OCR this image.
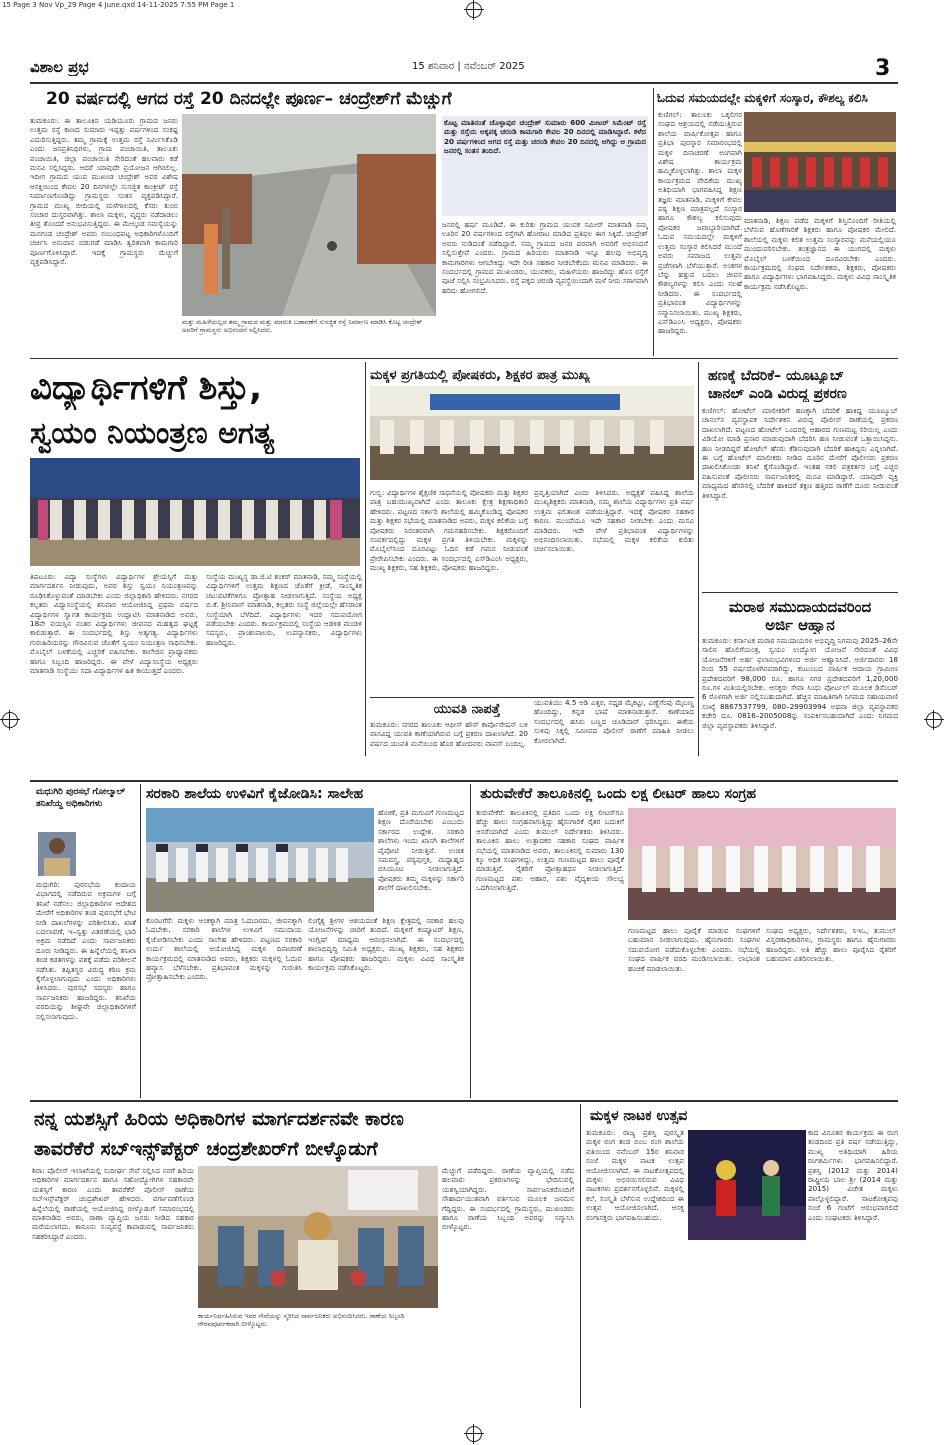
15 Page 3 Nov Vp_29 Page 4 June.qxd 14-11-2025 7:55 PM Page 1
ವಿಶಾಲ ಪ್ರಭ	15 ಶನಿವಾರ | ನವೆಂಬರ್ 2025	3
20 ವರ್ಷದಲ್ಲಿ ಆಗದ ರಸ್ತೆ 20 ದಿನದಲ್ಲೇ ಪೂರ್ಣ– ಚಂದ್ರೇಶ್‌ಗೆ ಮೆಚ್ಚುಗೆ
ತುಮಕೂರು: ಈ ತಾಲೂಕಿನ ಯಡಿಯೂರು ಗ್ರಾಮದ ಜನರು ಉತ್ತಮ ರಸ್ತೆ ಕಾಣದ ಸುಮಾರು ಇಪ್ಪತ್ತು ವರ್ಷಗಳಿಂದ ಸಂಕಷ್ಟ ಎದುರಿಸುತ್ತಿದ್ದರು. ತಮ್ಮ ಗ್ರಾಮಕ್ಕೆ ಉತ್ತಮ ರಸ್ತೆ ನಿರ್ಮಿಸಿಕೊಡಿ ಎಂದು ಜನಪ್ರತಿನಿಧಿಗಳು, ಗ್ರಾಮ ಪಂಚಾಯಿತಿ, ತಾಲೂಕು ಪಂಚಾಯಿತಿ, ಜಿಲ್ಲಾ ಪಂಚಾಯಿತಿ ಸೇರಿದಂತೆ ಹಲವಾರು ಕಡೆ ಮನವಿ ಸಲ್ಲಿಸಿದ್ದರು. ಆದರೆ ಯಾವುದೇ ಪ್ರಯೋಜನ ಆಗಿರಲಿಲ್ಲ. ಇದೀಗ ಗ್ರಾಮದ ಯುವ ಮುಖಂಡ ಚಂದ್ರೇಶ್ ಅವರ ವಿಶೇಷ ಆಸಕ್ತಿಯಿಂದ ಕೇವಲ 20 ದಿನಗಳಲ್ಲೇ ಸುಸಜ್ಜಿತ ಕಾಂಕ್ರೀಟ್ ರಸ್ತೆ ನಿರ್ಮಾಣಗೊಂಡಿದ್ದು ಗ್ರಾಮಸ್ಥರು ಸಂತಸ ವ್ಯಕ್ತಪಡಿಸಿದ್ದಾರೆ. ಗ್ರಾಮದ ಮುಖ್ಯ ಬೀದಿಯಲ್ಲಿ ಮಳೆಗಾಲದಲ್ಲಿ ಕೆಸರು ತುಂಬಿ ಸಂಚಾರ ದುಸ್ತರವಾಗಿತ್ತು. ಶಾಲಾ ಮಕ್ಕಳು, ವೃದ್ಧರು ನಡೆದಾಡಲು ತೀವ್ರ ತೊಂದರೆ ಅನುಭವಿಸುತ್ತಿದ್ದರು. ಈ ಮೇಲ್ಕಂಡ ಸಮಸ್ಯೆಯನ್ನು ಮನಗಂಡ ಚಂದ್ರೇಶ್ ಅವರು ಸಂಬಂಧಪಟ್ಟ ಅಧಿಕಾರಿಗಳೊಂದಿಗೆ ಚರ್ಚಿಸಿ ಅನುದಾನ ಬಿಡುಗಡೆ ಮಾಡಿಸಿ ತ್ವರಿತವಾಗಿ ಕಾಮಗಾರಿ ಪೂರ್ಣಗೊಳಿಸಿದ್ದಾರೆ. ಇದಕ್ಕೆ ಗ್ರಾಮಸ್ಥರು ಮೆಚ್ಚುಗೆ ವ್ಯಕ್ತಪಡಿಸಿದ್ದಾರೆ.
ಮತ್ತು ಮಹಿಳೆಯಲ್ಲದ ತಮ್ಮ ಗ್ರಾಮದ ಮತ್ತು ಮಾರುತಿ ಬಡಾವಣೆಗೆ ಸುಸಜ್ಜಿತ ರಸ್ತೆ ನಿರ್ಮಾಣ ಮಾಡಿಸಿ ಕೊಟ್ಟ ಚಂದ್ರೇಶ್ ಅವರಿಗೆ ಗ್ರಾಮಸ್ಥರು ಅಭಿನಂದನೆ ಸಲ್ಲಿಸಿದರು.
ಕೊಟ್ಟ ಮಾತಿನಂತೆ ಚೊಳ್ಳಾಪುರ ಚಂದ್ರೇಶ್ ಸುಮಾರು 600 ಮೀಟರ್ ಸಿಮೆಂಟ್ ರಸ್ತೆ ಮತ್ತು ರಸ್ತೆಯ ಅಕ್ಕಪಕ್ಕ ಚರಂಡಿ ಕಾಮಗಾರಿ ಕೇವಲ 20 ದಿನದಲ್ಲಿ ಮಾಡಿಸಿದ್ದಾರೆ. ಕಳೆದ 20 ವರ್ಷಗಳಿಂದ ಆಗದ ರಸ್ತೆ ಮತ್ತು ಚರಂಡಿ ಕೇವಲ 20 ದಿನದಲ್ಲಿ ಆಗಿದ್ದು ಆ ಗ್ರಾಮದ ಜನರಲ್ಲಿ ಸಂತಸ ತಂದಿದೆ.
ಜನರಲ್ಲಿ ಹರ್ಷ ಮೂಡಿದೆ. ಈ ಕುರಿತು ಗ್ರಾಮದ ಯುವಕ ಸಮೀರ್ ಮಾತನಾಡಿ ನಮ್ಮ ಊರಿನ 20 ವರ್ಷಗಳಿಂದ ರಸ್ತೆಗಾಗಿ ಹೋರಾಟ ಮಾಡಿದ ಪ್ರತಿಫಲ ಈಗ ಸಿಕ್ಕಿದೆ. ಚಂದ್ರೇಶ್ ಅವರು ನುಡಿದಂತೆ ನಡೆದಿದ್ದಾರೆ. ನಮ್ಮ ಗ್ರಾಮದ ಜನರ ಪರವಾಗಿ ಅವರಿಗೆ ಅಭಿನಂದನೆ ಸಲ್ಲಿಸುತ್ತೇವೆ ಎಂದರು. ಗ್ರಾಮದ ಹಿರಿಯರು ಮಾತನಾಡಿ ಇನ್ನೂ ಹಲವು ಅಭಿವೃದ್ಧಿ ಕಾಮಗಾರಿಗಳು ಆಗಬೇಕಿದ್ದು ಇದೇ ರೀತಿ ಸಹಕಾರ ನೀಡಬೇಕೆಂದು ಮನವಿ ಮಾಡಿದರು. ಈ ಸಂದರ್ಭದಲ್ಲಿ ಗ್ರಾಮದ ಮುಖಂಡರು, ಯುವಕರು, ಮಹಿಳೆಯರು ಹಾಜರಿದ್ದು ಹೊಸ ರಸ್ತೆಗೆ ಪೂಜೆ ಸಲ್ಲಿಸಿ ಸಂಭ್ರಮಿಸಿದರು. ರಸ್ತೆ ಪಕ್ಕದ ಚರಂಡಿ ವ್ಯವಸ್ಥೆಯಿಂದಾಗಿ ಮಳೆ ನೀರು ಸರಾಗವಾಗಿ ಹರಿದು ಹೋಗಲಿದೆ.
ಓದುವ ಸಮಯದಲ್ಲೇ ಮಕ್ಕಳಿಗೆ ಸಂಸ್ಕಾರ, ಕೌಶಲ್ಯ ಕಲಿಸಿ
ಕುಣಿಗಲ್: ತಾಲೂಕು ಒಕ್ಕಲಿಗರ ಸಂಘದ ಆಶ್ರಯದಲ್ಲಿ ನಡೆಯುತ್ತಿರುವ ಶಾಲೆಯ ವಾರ್ಷಿಕೋತ್ಸವ ಹಾಗೂ ಪ್ರತಿಭಾ ಪುರಸ್ಕಾರ ಸಮಾರಂಭದಲ್ಲಿ ಮಕ್ಕಳ ದಿನಾಚರಣೆ ಅಂಗವಾಗಿ ವಿಶೇಷ ಕಾರ್ಯಕ್ರಮ ಹಮ್ಮಿಕೊಳ್ಳಲಾಗಿತ್ತು. ಶಾಲಾ ಮಕ್ಕಳ ಕಾರ್ಯಕ್ರಮದ ವೇದಿಕೆಯ ಮುಖ್ಯ ಅತಿಥಿಯಾಗಿ ಭಾಗವಹಿಸಿದ್ದ ಶಿಕ್ಷಣ ತಜ್ಞರು ಮಾತನಾಡಿ, ಮಕ್ಕಳಿಗೆ ಕೇವಲ ಪಠ್ಯ ಶಿಕ್ಷಣ ಮಾತ್ರವಲ್ಲದೆ ಸಂಸ್ಕಾರ ಹಾಗೂ ಕೌಶಲ್ಯ ಕಲಿಸುವುದು ಪೋಷಕರ ಜವಾಬ್ದಾರಿಯಾಗಿದೆ. ಓದುವ ಸಮಯದಲ್ಲೇ ಮಕ್ಕಳಿಗೆ ಉತ್ತಮ ಸಂಸ್ಕಾರ ಕಲಿಸಿದರೆ ಮುಂದೆ ಅವರು ಸಮಾಜದ ಉತ್ತಮ ಪ್ರಜೆಗಳಾಗಿ ಬೆಳೆಯುತ್ತಾರೆ. ಅಂಕಗಳ ಬೆನ್ನು ಹತ್ತುವ ಬದಲು ಜೀವನ ಕೌಶಲ್ಯಗಳನ್ನು ಕಲಿಸಿ ಎಂದು ಸಲಹೆ ನೀಡಿದರು. ಈ ಸಂದರ್ಭದಲ್ಲಿ ಪ್ರತಿಭಾವಂತ ವಿದ್ಯಾರ್ಥಿಗಳನ್ನು ಸನ್ಮಾನಿಸಲಾಯಿತು. ಮುಖ್ಯ ಶಿಕ್ಷಕರು, ಎಸ್‌ಡಿಎಂಸಿ ಅಧ್ಯಕ್ಷರು, ಪೋಷಕರು ಹಾಜರಿದ್ದರು.
ಮಾತನಾಡಿ, ಶಿಕ್ಷಣ ಪಡೆದ ಮಕ್ಕಳಿಗೆ ಶಿಸ್ತಿನೊಂದಿಗೆ ರೀತಿಯಲ್ಲಿ ಬೆಳೆಸುವ ಹೊಣೆಗಾರಿಕೆ ಶಿಕ್ಷಕರು ಹಾಗೂ ಪೋಷಕರ ಮೇಲಿದೆ. ಶಾಲೆಯಲ್ಲಿ ಮಕ್ಕಳು ಕಲಿತ ಉತ್ತಮ ಸಂಸ್ಕಾರವನ್ನು ಮನೆಯಲ್ಲಿಯೂ ಮುಂದುವರಿಸಬೇಕು. ತಂತ್ರಜ್ಞಾನದ ಈ ಯುಗದಲ್ಲಿ ಮಕ್ಕಳು ಮೊಬೈಲ್ ಬಳಕೆಯಿಂದ ದೂರವಿರಬೇಕು ಎಂದರು. ಕಾರ್ಯಕ್ರಮದಲ್ಲಿ ಸಂಘದ ನಿರ್ದೇಶಕರು, ಶಿಕ್ಷಕರು, ಪೋಷಕರು ಹಾಗೂ ವಿದ್ಯಾರ್ಥಿಗಳು ಭಾಗವಹಿಸಿದ್ದರು. ಮಕ್ಕಳು ವಿವಿಧ ಸಾಂಸ್ಕೃತಿಕ ಕಾರ್ಯಕ್ರಮ ನಡೆಸಿಕೊಟ್ಟರು.
ವಿದ್ಯಾರ್ಥಿಗಳಿಗೆ ಶಿಸ್ತು,
ಸ್ವಯಂ ನಿಯಂತ್ರಣ ಅಗತ್ಯ
ತಿಪಟೂರು: ವಿದ್ಯಾ ಸಂಸ್ಥೆಗಳು ವಿದ್ಯಾರ್ಥಿಗಳ ಶ್ರೇಯಸ್ಸಿಗೆ ಮತ್ತು ಮಾರ್ಗದರ್ಶನ ನೀಡುವುದು, ಅವರ ಶಿಸ್ತು ಸ್ವಯಂ ನಿಯಂತ್ರಣವನ್ನು ರೂಢಿಸಿಕೊಳ್ಳುವಂತೆ ಮಾಡಬೇಕು ಎಂದು ಜಿಲ್ಲಾಧಿಕಾರಿ ಹೇಳಿದರು. ನಗರದ ಕಲ್ಪತರು ವಿದ್ಯಾಸಂಸ್ಥೆಯಲ್ಲಿ ಶನಿವಾರ ಆಯೋಜಿಸಿದ್ದ ಪ್ರಥಮ ವರ್ಷದ ವಿದ್ಯಾರ್ಥಿಗಳ ಸ್ವಾಗತ ಕಾರ್ಯಕ್ರಮ ಉದ್ಘಾಟಿಸಿ ಮಾತನಾಡಿದ ಅವರು, 18ನೇ ವಯಸ್ಸಿನ ನಂತರ ವಿದ್ಯಾರ್ಥಿಗಳು ಜೀವನದ ಮಹತ್ವದ ಘಟ್ಟಕ್ಕೆ ಕಾಲಿಡುತ್ತಾರೆ. ಈ ಸಂದರ್ಭದಲ್ಲಿ ಶಿಸ್ತು ಅತ್ಯಗತ್ಯ. ವಿದ್ಯಾರ್ಥಿಗಳು ಗುರುಹಿರಿಯರನ್ನು ಗೌರವಿಸುವ ಜೊತೆಗೆ ಸ್ವಯಂ ನಿಯಂತ್ರಣ ಸಾಧಿಸಬೇಕು. ಮೊಬೈಲ್ ಬಳಕೆಯಲ್ಲಿ ಎಚ್ಚರಿಕೆ ವಹಿಸಬೇಕು. ಕಾಲೇಜಿನ ಪ್ರಾಧ್ಯಾಪಕರು ಹಾಗೂ ಸಿಬ್ಬಂದಿ ಹಾಜರಿದ್ದರು. ಈ ವೇಳೆ ವಿದ್ಯಾಸಂಸ್ಥೆಯ ಅಧ್ಯಕ್ಷರು ಮಾತನಾಡಿ ಸಂಸ್ಥೆಯು ಸದಾ ವಿದ್ಯಾರ್ಥಿಗಳ ಹಿತ ಕಾಯುತ್ತದೆ ಎಂದರು.
ಸಂಸ್ಥೆಯ ಮುಖ್ಯಸ್ಥ ಡಾ.ಜಿ.ಟಿ ಶಂಕರ್ ಮಾತನಾಡಿ, ನಮ್ಮ ಸಂಸ್ಥೆಯಲ್ಲಿ ವಿದ್ಯಾರ್ಥಿಗಳಿಗೆ ಉತ್ತಮ ಶಿಕ್ಷಣದ ಜೊತೆಗೆ ಕ್ರೀಡೆ, ಸಾಂಸ್ಕೃತಿಕ ಚಟುವಟಿಕೆಗಳಿಗೂ ಪ್ರೋತ್ಸಾಹ ನೀಡಲಾಗುತ್ತಿದೆ. ಸಂಸ್ಥೆಯ ಅಧ್ಯಕ್ಷ ಬಿ.ಕೆ. ಶ್ರೀನಿವಾಸ್ ಮಾತನಾಡಿ, ಕಲ್ಪತರು ಸಂಸ್ಥೆ ಜಿಲ್ಲೆಯಲ್ಲೇ ಹೆಸರಾಂತ ಸಂಸ್ಥೆಯಾಗಿ ಬೆಳೆದಿದೆ. ವಿದ್ಯಾರ್ಥಿಗಳು ಇದರ ಸದುಪಯೋಗ ಪಡೆಯಬೇಕು ಎಂದರು. ಕಾರ್ಯಕ್ರಮದಲ್ಲಿ ಸಂಸ್ಥೆಯ ಆಡಳಿತ ಮಂಡಳಿ ಸದಸ್ಯರು, ಪ್ರಾಂಶುಪಾಲರು, ಉಪನ್ಯಾಸಕರು, ವಿದ್ಯಾರ್ಥಿಗಳು ಹಾಜರಿದ್ದರು.
ಮಕ್ಕಳ ಪ್ರಗತಿಯಲ್ಲಿ ಪೋಷಕರು, ಶಿಕ್ಷಕರ ಪಾತ್ರ ಮುಖ್ಯ
ಗುಬ್ಬಿ: ವಿದ್ಯಾರ್ಥಿಗಳ ಶೈಕ್ಷಣಿಕ ಸಾಧನೆಯಲ್ಲಿ ಪೋಷಕರು ಮತ್ತು ಶಿಕ್ಷಕರ ಪಾತ್ರ ಬಹುಮುಖ್ಯವಾಗಿದೆ ಎಂದು ತಾಲೂಕು ಕ್ಷೇತ್ರ ಶಿಕ್ಷಣಾಧಿಕಾರಿ ಹೇಳಿದರು. ಪಟ್ಟಣದ ಸರ್ಕಾರಿ ಶಾಲೆಯಲ್ಲಿ ಹಮ್ಮಿಕೊಂಡಿದ್ದ ಪೋಷಕರ ಮತ್ತು ಶಿಕ್ಷಕರ ಸಭೆಯಲ್ಲಿ ಮಾತನಾಡಿದ ಅವರು, ಮಕ್ಕಳ ಕಲಿಕೆಯ ಬಗ್ಗೆ ಪೋಷಕರು ನಿರಂತರವಾಗಿ ಗಮನಹರಿಸಬೇಕು. ಶಿಕ್ಷಕರೊಂದಿಗೆ ಸಂಪರ್ಕದಲ್ಲಿದ್ದು ಮಕ್ಕಳ ಪ್ರಗತಿ ತಿಳಿಯಬೇಕು. ಮಕ್ಕಳನ್ನು ಮೊಬೈಲ್‌ನಿಂದ ದೂರವಿಟ್ಟು ಓದಿನ ಕಡೆ ಗಮನ ನೀಡುವಂತೆ ಪ್ರೇರೇಪಿಸಬೇಕು ಎಂದರು. ಈ ಸಂದರ್ಭದಲ್ಲಿ ಎಸ್‌ಡಿಎಂಸಿ ಅಧ್ಯಕ್ಷರು, ಮುಖ್ಯ ಶಿಕ್ಷಕರು, ಸಹ ಶಿಕ್ಷಕರು, ಪೋಷಕರು ಹಾಜರಿದ್ದರು.
ಪ್ರವೃತ್ತಿಯಾಗಿದೆ ಎಂದು ತಿಳಿಸಿದರು. ಅಧ್ಯಕ್ಷತೆ ವಹಿಸಿದ್ದ ಶಾಲೆಯ ಮುಖ್ಯಶಿಕ್ಷಕರು ಮಾತನಾಡಿ, ನಮ್ಮ ಶಾಲೆಯ ವಿದ್ಯಾರ್ಥಿಗಳು ಪ್ರತಿ ವರ್ಷ ಉತ್ತಮ ಫಲಿತಾಂಶ ಪಡೆಯುತ್ತಿದ್ದಾರೆ. ಇದಕ್ಕೆ ಪೋಷಕರ ಸಹಕಾರ ಕಾರಣ. ಮುಂದೆಯೂ ಇದೇ ಸಹಕಾರ ನೀಡಬೇಕು ಎಂದು ಮನವಿ ಮಾಡಿದರು. ಇದೇ ವೇಳೆ ಪ್ರತಿಭಾವಂತ ವಿದ್ಯಾರ್ಥಿಗಳನ್ನು ಅಭಿನಂದಿಸಲಾಯಿತು. ಸಭೆಯಲ್ಲಿ ಮಕ್ಕಳ ಕಲಿಕೆಯ ಕುರಿತು ಚರ್ಚಿಸಲಾಯಿತು.
ಯುವತಿ ನಾಪತ್ತೆ
ತುಮಕೂರು: ನಗರದ ತಾಲೂಕು ಆಫೀಸ್ ಹೌಸ್ ಕಾರ್ಪೊರೇಷನ್ ಬಳಿ ವಾಸವಿದ್ದ ಯುವತಿ ಕಾಣೆಯಾಗಿರುವ ಬಗ್ಗೆ ಪ್ರಕರಣ ದಾಖಲಾಗಿದೆ. 20 ವರ್ಷದ ಯುವತಿ ಮನೆಯಿಂದ ಹೊರ ಹೋದವರು ವಾಪಸ್ ಬಂದಿಲ್ಲ.
ಯುವತಿಯು 4.5 ಅಡಿ ಎತ್ತರ, ಸಧೃಡ ಮೈಕಟ್ಟು, ಎಣ್ಣೆಗೆಂಪು ಮೈಬಣ್ಣ ಹೊಂದಿದ್ದು, ಕನ್ನಡ ಭಾಷೆ ಮಾತನಾಡುತ್ತಾರೆ. ಕಾಣೆಯಾದ ಸಂದರ್ಭದಲ್ಲಿ ಹಸಿರು ಬಣ್ಣದ ಚೂಡಿದಾರ್ ಧರಿಸಿದ್ದರು. ಈಕೆಯ ಸುಳಿವು ಸಿಕ್ಕಲ್ಲಿ ಸಮೀಪದ ಪೊಲೀಸ್ ಠಾಣೆಗೆ ಮಾಹಿತಿ ನೀಡಲು ಕೋರಲಾಗಿದೆ.
ಹಣಕ್ಕೆ ಬೆದರಿಕೆ– ಯೂಟ್ಯೂಬ್
ಚಾನಲ್ ಎಂಡಿ ವಿರುದ್ಧ ಪ್ರಕರಣ
ಕುಣಿಗಲ್: ಹೋಟೆಲ್ ಮಾಲೀಕರಿಗೆ ಹಣಕ್ಕಾಗಿ ಬೆದರಿಕೆ ಹಾಕಿದ್ದ ಯೂಟ್ಯೂಬ್ ಚಾನಲ್‌ನ ವ್ಯವಸ್ಥಾಪಕ ನಿರ್ದೇಶಕನ ವಿರುದ್ಧ ಪೊಲೀಸ್ ಠಾಣೆಯಲ್ಲಿ ಪ್ರಕರಣ ದಾಖಲಾಗಿದೆ. ಪಟ್ಟಣದ ಹೋಟೆಲ್ ಒಂದರಲ್ಲಿ ಆಹಾರದ ಗುಣಮಟ್ಟ ಸರಿಯಿಲ್ಲ ಎಂದು ವಿಡಿಯೋ ಮಾಡಿ ಪ್ರಸಾರ ಮಾಡುವುದಾಗಿ ಬೆದರಿಸಿ ಹಣ ನೀಡುವಂತೆ ಒತ್ತಾಯಿಸಿದ್ದನು. ಹಣ ನೀಡದಿದ್ದರೆ ಹೋಟೆಲ್ ಹೆಸರು ಕೆಡಿಸುವುದಾಗಿ ಬೆದರಿಕೆ ಹಾಕಿದ್ದನು ಎನ್ನಲಾಗಿದೆ. ಈ ಬಗ್ಗೆ ಹೋಟೆಲ್ ಮಾಲೀಕರು ನೀಡಿದ ದೂರಿನ ಮೇರೆಗೆ ಪೊಲೀಸರು ಪ್ರಕರಣ ದಾಖಲಿಸಿಕೊಂಡು ತನಿಖೆ ಕೈಗೊಂಡಿದ್ದಾರೆ. ಇಂತಹ ನಕಲಿ ಪತ್ರಕರ್ತರ ಬಗ್ಗೆ ಎಚ್ಚರ ವಹಿಸುವಂತೆ ಪೊಲೀಸರು ಸಾರ್ವಜನಿಕರಲ್ಲಿ ಮನವಿ ಮಾಡಿದ್ದಾರೆ. ಯಾವುದೇ ವ್ಯಕ್ತಿ ಮಾಧ್ಯಮದ ಹೆಸರಿನಲ್ಲಿ ಬೆದರಿಕೆ ಹಾಕಿದರೆ ತಕ್ಷಣ ಹತ್ತಿರದ ಠಾಣೆಗೆ ದೂರು ನೀಡುವಂತೆ ತಿಳಿಸಿದ್ದಾರೆ.
ಮರಾಠ ಸಮುದಾಯದವರಿಂದ
ಅರ್ಜಿ ಆಹ್ವಾನ
ತುಮಕೂರು: ಕರ್ನಾಟಕ ಮರಾಠ ಸಮುದಾಯಗಳ ಅಭಿವೃದ್ಧಿ ನಿಗಮವು 2025–26ನೇ ಸಾಲಿನ ಹೊಲಿಗೆಯಂತ್ರ, ಸ್ವಯಂ ಉದ್ಯೋಗ ಯೋಜನೆ ಸೇರಿದಂತೆ ವಿವಿಧ ಯೋಜನೆಗಳಿಗೆ ಅರ್ಹ ಫಲಾನುಭವಿಗಳಿಂದ ಅರ್ಜಿ ಆಹ್ವಾನಿಸಿದೆ. ಅರ್ಜಿದಾರರು 18 ರಿಂದ 55 ವರ್ಷದೊಳಗಿನವರಾಗಿದ್ದು, ಕುಟುಂಬದ ವಾರ್ಷಿಕ ಆದಾಯ ಗ್ರಾಮೀಣ ಪ್ರದೇಶದವರಿಗೆ 98,000 ರೂ. ಹಾಗೂ ನಗರ ಪ್ರದೇಶದವರಿಗೆ 1,20,000 ರೂ.ಗಳ ಮಿತಿಯಲ್ಲಿರಬೇಕು. ಆಸಕ್ತರು ಸೇವಾ ಸಿಂಧು ಪೋರ್ಟಲ್ ಮೂಲಕ ಡಿಸೆಂಬರ್ 6 ರೊಳಗಾಗಿ ಅರ್ಜಿ ಸಲ್ಲಿಸಬಹುದಾಗಿದೆ. ಹೆಚ್ಚಿನ ಮಾಹಿತಿಗಾಗಿ ನಿಗಮದ ಸಹಾಯವಾಣಿ ಸಂಖ್ಯೆ 8867537799, 080–29903994 ಅಥವಾ ಜಿಲ್ಲಾ ವ್ಯವಸ್ಥಾಪಕರ ಕಚೇರಿ ದೂ. 0816–2005008ನ್ನು ಸಂಪರ್ಕಿಸಬಹುದಾಗಿದೆ ಎಂದು ನಿಗಮದ ಜಿಲ್ಲಾ ವ್ಯವಸ್ಥಾಪಕರು ತಿಳಿಸಿದ್ದಾರೆ.
ಮಧುಗಿರಿ ಪುರಸಭೆ ಗೋಲ್ಮಾಲ್ ತನಿಖೆಯ್ದ ಅಧಿಕಾರಿಗಳು
ಮಧುಗಿರಿ: ಪುರಸಭೆಯ ಕಂದಾಯ ವಿಭಾಗದಲ್ಲಿ ನಡೆದಿರುವ ಅಕ್ರಮಗಳ ಬಗ್ಗೆ ತನಿಖೆ ನಡೆಸಲು ಜಿಲ್ಲಾಧಿಕಾರಿಗಳ ಆದೇಶದ ಮೇರೆಗೆ ಅಧಿಕಾರಿಗಳ ತಂಡ ಪುರಸಭೆಗೆ ಭೇಟಿ ನೀಡಿ ದಾಖಲೆಗಳನ್ನು ಪರಿಶೀಲಿಸಿತು. ಖಾತೆ ಬದಲಾವಣೆ, ಇ–ಸ್ವತ್ತು ವಿತರಣೆಯಲ್ಲಿ ಭಾರಿ ಅಕ್ರಮ ನಡೆದಿದೆ ಎಂದು ಸಾರ್ವಜನಿಕರು ದೂರು ನೀಡಿದ್ದರು. ಈ ಹಿನ್ನೆಲೆಯಲ್ಲಿ ತನಿಖಾ ತಂಡ ಕಡತಗಳನ್ನು ವಶಕ್ಕೆ ಪಡೆದು ಪರಿಶೀಲನೆ ನಡೆಸಿತು. ತಪ್ಪಿತಸ್ಥರ ವಿರುದ್ಧ ಕಠಿಣ ಕ್ರಮ ಕೈಗೊಳ್ಳಲಾಗುವುದು ಎಂದು ಅಧಿಕಾರಿಗಳು ತಿಳಿಸಿದರು. ಪುರಸಭೆ ಸದಸ್ಯರು ಹಾಗೂ ಸಾರ್ವಜನಿಕರು ಹಾಜರಿದ್ದರು. ತನಿಖೆಯ ವರದಿಯನ್ನು ಶೀಘ್ರವೇ ಜಿಲ್ಲಾಧಿಕಾರಿಗಳಿಗೆ ಸಲ್ಲಿಸಲಾಗುವುದು.
ಸರಕಾರಿ ಶಾಲೆಯ ಉಳಿವಿಗೆ ಕೈಜೋಡಿಸಿ: ಸಾಲೇಹ
ಹೋಣೆ, ಪ್ರತಿ ಮಗುವಿಗೆ ಗುಣಮಟ್ಟದ ಶಿಕ್ಷಣ ದೊರೆಯಬೇಕು ಎಂಬುದು ಸರ್ಕಾರದ ಉದ್ದೇಶ. ಸರಕಾರಿ ಶಾಲೆಗಳು ಇಂದು ಖಾಸಗಿ ಶಾಲೆಗಳಿಗೆ ಪೈಪೋಟಿ ನೀಡುತ್ತಿವೆ. ಉಚಿತ ಸಮವಸ್ತ್ರ, ಪಠ್ಯಪುಸ್ತಕ, ಮಧ್ಯಾಹ್ನದ ಬಿಸಿಯೂಟ ನೀಡಲಾಗುತ್ತಿದೆ. ಪೋಷಕರು ತಮ್ಮ ಮಕ್ಕಳನ್ನು ಸರ್ಕಾರಿ ಶಾಲೆಗೆ ದಾಖಲಿಸಬೇಕು.
ಕೊರಟಗೆರೆ: ಮಕ್ಕಳು ಅಂಕಕ್ಕಾಗಿ ಮಾತ್ರ ಓದಬಾರದು, ಜೀವನಕ್ಕಾಗಿ ಓದಬೇಕು. ಸರಕಾರಿ ಶಾಲೆಗಳ ಉಳಿವಿಗೆ ಸಮುದಾಯ ಕೈಜೋಡಿಸಬೇಕು ಎಂದು ಸಾಲೇಹ ಹೇಳಿದರು. ಪಟ್ಟಣದ ಸರಕಾರಿ ಉರ್ದು ಶಾಲೆಯಲ್ಲಿ ಆಯೋಜಿಸಿದ್ದ ಮಕ್ಕಳ ದಿನಾಚರಣೆ ಕಾರ್ಯಕ್ರಮದಲ್ಲಿ ಮಾತನಾಡಿದ ಅವರು, ಶಿಕ್ಷಕರು ಮಕ್ಕಳಲ್ಲಿ ಓದುವ ಹವ್ಯಾಸ ಬೆಳೆಸಬೇಕು. ಪ್ರತಿಭಾವಂತ ಮಕ್ಕಳನ್ನು ಗುರುತಿಸಿ ಪ್ರೋತ್ಸಾಹಿಸಬೇಕು ಎಂದರು.
ಲಿಂಗೈಕ್ಯ ಶ್ರೀಗಳ ಆಶಯದಂತೆ ಶಿಕ್ಷಣ ಕ್ಷೇತ್ರದಲ್ಲಿ ಸರಕಾರ ಹಲವು ಯೋಜನೆಗಳನ್ನು ಜಾರಿಗೆ ತಂದಿದೆ. ಮಕ್ಕಳಿಗೆ ಕಂಪ್ಯೂಟರ್ ಶಿಕ್ಷಣ, ಇಂಗ್ಲಿಷ್ ಮಾಧ್ಯಮ ಆರಂಭಿಸಲಾಗಿದೆ. ಈ ಸಂದರ್ಭದಲ್ಲಿ ಶಾಲಾಭಿವೃದ್ಧಿ ಸಮಿತಿ ಅಧ್ಯಕ್ಷರು, ಮುಖ್ಯ ಶಿಕ್ಷಕರು, ಸಹ ಶಿಕ್ಷಕರು ಹಾಗೂ ಪೋಷಕರು ಹಾಜರಿದ್ದರು. ಮಕ್ಕಳು ವಿವಿಧ ಸಾಂಸ್ಕೃತಿಕ ಕಾರ್ಯಕ್ರಮ ನಡೆಸಿಕೊಟ್ಟರು.
ತುರುವೇಕೆರೆ ತಾಲೂಕಿನಲ್ಲಿ ಒಂದು ಲಕ್ಷ ಲೀಟರ್ ಹಾಲು ಸಂಗ್ರಹ
ತುರುವೇಕೆರೆ: ತಾಲೂಕಿನಲ್ಲಿ ಪ್ರತಿದಿನ ಒಂದು ಲಕ್ಷ ಲೀಟರ್‌ಗೂ ಹೆಚ್ಚು ಹಾಲು ಸಂಗ್ರಹವಾಗುತ್ತಿದ್ದು ಹೈನುಗಾರಿಕೆ ರೈತರ ಬದುಕಿಗೆ ಆಸರೆಯಾಗಿದೆ ಎಂದು ತುಮುಲ್ ನಿರ್ದೇಶಕರು ತಿಳಿಸಿದರು. ತಾಲೂಕಿನ ಹಾಲು ಉತ್ಪಾದಕರ ಸಹಕಾರ ಸಂಘದ ವಾರ್ಷಿಕ ಸಭೆಯಲ್ಲಿ ಮಾತನಾಡಿದ ಅವರು, ತಾಲೂಕಿನಲ್ಲಿ ಸುಮಾರು 130 ಕ್ಕೂ ಅಧಿಕ ಸಂಘಗಳಿದ್ದು, ಉತ್ತಮ ಗುಣಮಟ್ಟದ ಹಾಲು ಪೂರೈಕೆ ಮಾಡುತ್ತಿವೆ. ರೈತರಿಗೆ ಪ್ರೋತ್ಸಾಹಧನ ನೀಡಲಾಗುತ್ತಿದೆ. ಗುಣಮಟ್ಟದ ಪಶು ಆಹಾರ, ಪಶು ವೈದ್ಯಕೀಯ ಸೌಲಭ್ಯ ಒದಗಿಸಲಾಗುತ್ತಿದೆ.
ಗುಣಮಟ್ಟದ ಹಾಲು ಪೂರೈಕೆ ಮಾಡುವ ಸಂಘಗಳಿಗೆ ಬಹುಮಾನ ನೀಡಲಾಗುವುದು. ಹೈನುಗಾರರು ಸಂಘಗಳ ಸದುಪಯೋಗ ಪಡೆದುಕೊಳ್ಳಬೇಕು ಎಂದರು. ಸಭೆಯಲ್ಲಿ ಸಂಘದ ವಾರ್ಷಿಕ ವರದಿ ಮಂಡಿಸಲಾಯಿತು. ಲಾಭಾಂಶ ಹಂಚಿಕೆ ಮಾಡಲಾಯಿತು.
ಸಂಘದ ಅಧ್ಯಕ್ಷರು, ನಿರ್ದೇಶಕರು, ಸಿಇಒ, ತುಮುಲ್ ವಿಸ್ತರಣಾಧಿಕಾರಿಗಳು, ಗ್ರಾಮಸ್ಥರು ಹಾಗೂ ಹೈನುಗಾರರು ಹಾಜರಿದ್ದರು. ಅತಿ ಹೆಚ್ಚು ಹಾಲು ಪೂರೈಸಿದ ರೈತರಿಗೆ ಬಹುಮಾನ ವಿತರಿಸಲಾಯಿತು.
ನನ್ನ ಯಶಸ್ಸಿಗೆ ಹಿರಿಯ ಅಧಿಕಾರಿಗಳ ಮಾರ್ಗದರ್ಶನವೇ ಕಾರಣ
ತಾವರೆಕೆರೆ ಸಬ್‌ಇನ್ಸ್‌ಪೆಕ್ಟರ್ ಚಂದ್ರಶೇಖರ್‌ಗೆ ಬೀಳ್ಕೊಡುಗೆ
ಶಿರಾ: ಪೊಲೀಸ್ ಇಲಾಖೆಯಲ್ಲಿ ಸುದೀರ್ಘ ಸೇವೆ ಸಲ್ಲಿಸಿದ ನನಗೆ ಹಿರಿಯ ಅಧಿಕಾರಿಗಳ ಮಾರ್ಗದರ್ಶನ ಹಾಗೂ ಸಹೋದ್ಯೋಗಿಗಳ ಸಹಕಾರವೇ ಯಶಸ್ಸಿಗೆ ಕಾರಣ ಎಂದು ತಾವರೆಕೆರೆ ಪೊಲೀಸ್ ಠಾಣೆಯ ಸಬ್‌ಇನ್ಸ್‌ಪೆಕ್ಟರ್ ಚಂದ್ರಶೇಖರ್ ಹೇಳಿದರು. ವರ್ಗಾವಣೆಗೊಂಡ ಹಿನ್ನೆಲೆಯಲ್ಲಿ ಠಾಣೆಯಲ್ಲಿ ಆಯೋಜಿಸಿದ್ದ ಬೀಳ್ಕೊಡುಗೆ ಸಮಾರಂಭದಲ್ಲಿ ಮಾತನಾಡಿದ ಅವರು, ಠಾಣಾ ವ್ಯಾಪ್ತಿಯ ಜನರು ನೀಡಿದ ಸಹಕಾರ ಮರೆಯಲಾಗದು. ಕಾನೂನು ಸುವ್ಯವಸ್ಥೆ ಕಾಪಾಡುವಲ್ಲಿ ಸಾರ್ವಜನಿಕರು ಸಹಕರಿಸಿದ್ದಾರೆ ಎಂದರು.
ಕಾರ್ಯನಿರ್ವಹಿಸಿರುವ ಇವರ ಸೇವೆಯನ್ನು ಸ್ಮರಿಸಿದ ಸಾರ್ವಜನಿಕರು ಅಭಿನಂದಿಸಿದರು. ಠಾಣೆಯ ಸಿಬ್ಬಂದಿ ಗೌರವಪೂರ್ವಕವಾಗಿ ಬೀಳ್ಕೊಟ್ಟರು.
ಮೆಚ್ಚುಗೆ ಪಡೆದಿದ್ದರು. ಠಾಣೆಯ ವ್ಯಾಪ್ತಿಯಲ್ಲಿ ನಡೆದ ಹಲವಾರು ಪ್ರಕರಣಗಳನ್ನು ಭೇದಿಸುವಲ್ಲಿ ಯಶಸ್ವಿಯಾಗಿದ್ದರು. ಸಾರ್ವಜನಿಕರೊಂದಿಗೆ ಸೌಹಾರ್ದಯುತವಾಗಿ ವರ್ತಿಸುವ ಮೂಲಕ ಜನಮನ ಗೆದ್ದಿದ್ದರು. ಈ ಸಂದರ್ಭದಲ್ಲಿ ಗ್ರಾಮಸ್ಥರು, ಮುಖಂಡರು ಹಾಗೂ ಠಾಣೆಯ ಸಿಬ್ಬಂದಿ ಅವರನ್ನು ಸನ್ಮಾನಿಸಿ ಬೀಳ್ಕೊಟ್ಟರು.
ಮಕ್ಕಳ ನಾಟಕ ಉತ್ಸವ
ತುಮಕೂರು: ರಾಜ್ಯ ಪ್ರಶಸ್ತಿ ಪುರಸ್ಕೃತ ಮಕ್ಕಳ ರಂಗ ತಂಡ ಬಿಂಬ ರಂಗ ಶಾಲೆಯ ವತಿಯಿಂದ ನವೆಂಬರ್ 15ರ ಶನಿವಾರ ಸಂಜೆ ಮಕ್ಕಳ ನಾಟಕ ಉತ್ಸವ ಆಯೋಜಿಸಲಾಗಿದೆ. ಈ ನಾಟಕೋತ್ಸವದಲ್ಲಿ ಮಕ್ಕಳು ಅಭಿನಯಿಸಲಿರುವ ವಿವಿಧ ನಾಟಕಗಳು ಪ್ರದರ್ಶನಗೊಳ್ಳಲಿವೆ. ಮಕ್ಕಳಲ್ಲಿ ಕಲೆ, ಸಂಸ್ಕೃತಿ ಬೆಳೆಸುವ ಉದ್ದೇಶದಿಂದ ಈ ಉತ್ಸವ ಆಯೋಜಿಸಲಾಗಿದೆ. ಆಸಕ್ತ ರಂಗಾಸಕ್ತರು ಭಾಗವಹಿಸಬಹುದು.
ಕಾದ ವಿನೂತನ ಕಾರ್ಯಕ್ರಮ ಈ ರಂಗ ತಂಡದಿಂದ ಪ್ರತಿ ವರ್ಷ ನಡೆಯುತ್ತಿದ್ದು, ಮುಖ್ಯ ಅತಿಥಿಯಾಗಿ ಹಿರಿಯ ರಂಗಕರ್ಮಿಗಳು ಭಾಗವಹಿಸಲಿದ್ದಾರೆ. ಪ್ರಶಸ್ತಿ (2012 ಮತ್ತು 2014) ರಾಷ್ಟ್ರೀಯ ಬಾಲ ಶ್ರೀ (2014 ಮತ್ತು 2015) ವಿಜೇತ ಮಕ್ಕಳು ಪಾಲ್ಗೊಳ್ಳಲಿದ್ದಾರೆ. ನಾಟಕೋತ್ಸವವು ಸಂಜೆ 6 ಗಂಟೆಗೆ ಆರಂಭವಾಗಲಿದೆ ಎಂದು ಸಂಘಟಕರು ತಿಳಿಸಿದ್ದಾರೆ.
